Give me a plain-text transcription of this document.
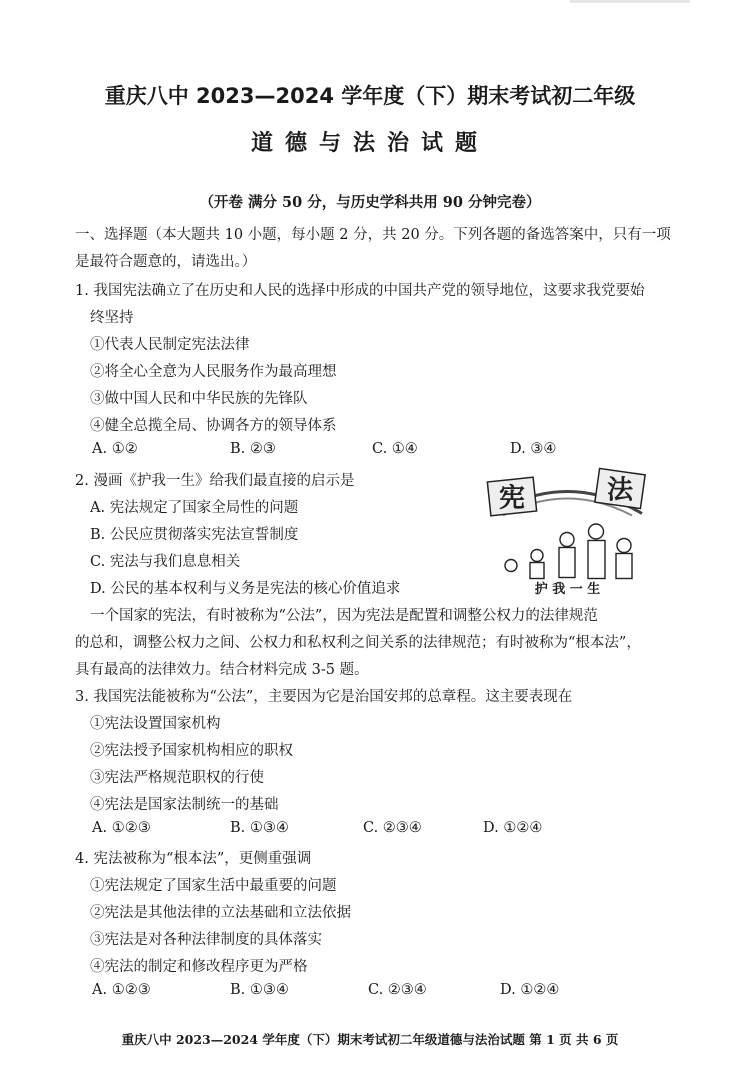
重庆八中 2023—2024 学年度（下）期末考试初二年级
道德与法治试题
（开卷 满分 50 分，与历史学科共用 90 分钟完卷）
一、选择题（本大题共 10 小题，每小题 2 分，共 20 分。下列各题的备选答案中，只有一项
是最符合题意的，请选出。）
1. 我国宪法确立了在历史和人民的选择中形成的中国共产党的领导地位，这要求我党要始
终坚持
①代表人民制定宪法法律
②将全心全意为人民服务作为最高理想
③做中国人民和中华民族的先锋队
④健全总揽全局、协调各方的领导体系
A. ①②	B. ②③	C. ①④	D. ③④
2. 漫画《护我一生》给我们最直接的启示是
A. 宪法规定了国家全局性的问题
B. 公民应贯彻落实宪法宣誓制度
C. 宪法与我们息息相关
D. 公民的基本权利与义务是宪法的核心价值追求
宪	法
护 我 一 生
一个国家的宪法，有时被称为“公法”，因为宪法是配置和调整公权力的法律规范
的总和，调整公权力之间、公权力和私权利之间关系的法律规范；有时被称为“根本法”，
具有最高的法律效力。结合材料完成 3-5 题。
3. 我国宪法能被称为“公法”，主要因为它是治国安邦的总章程。这主要表现在
①宪法设置国家机构
②宪法授予国家机构相应的职权
③宪法严格规范职权的行使
④宪法是国家法制统一的基础
A. ①②③	B. ①③④	C. ②③④	D. ①②④
4. 宪法被称为“根本法”，更侧重强调
①宪法规定了国家生活中最重要的问题
②宪法是其他法律的立法基础和立法依据
③宪法是对各种法律制度的具体落实
④宪法的制定和修改程序更为严格
A. ①②③	B. ①③④	C. ②③④	D. ①②④
重庆八中 2023—2024 学年度（下）期末考试初二年级道德与法治试题 第 1 页 共 6 页
